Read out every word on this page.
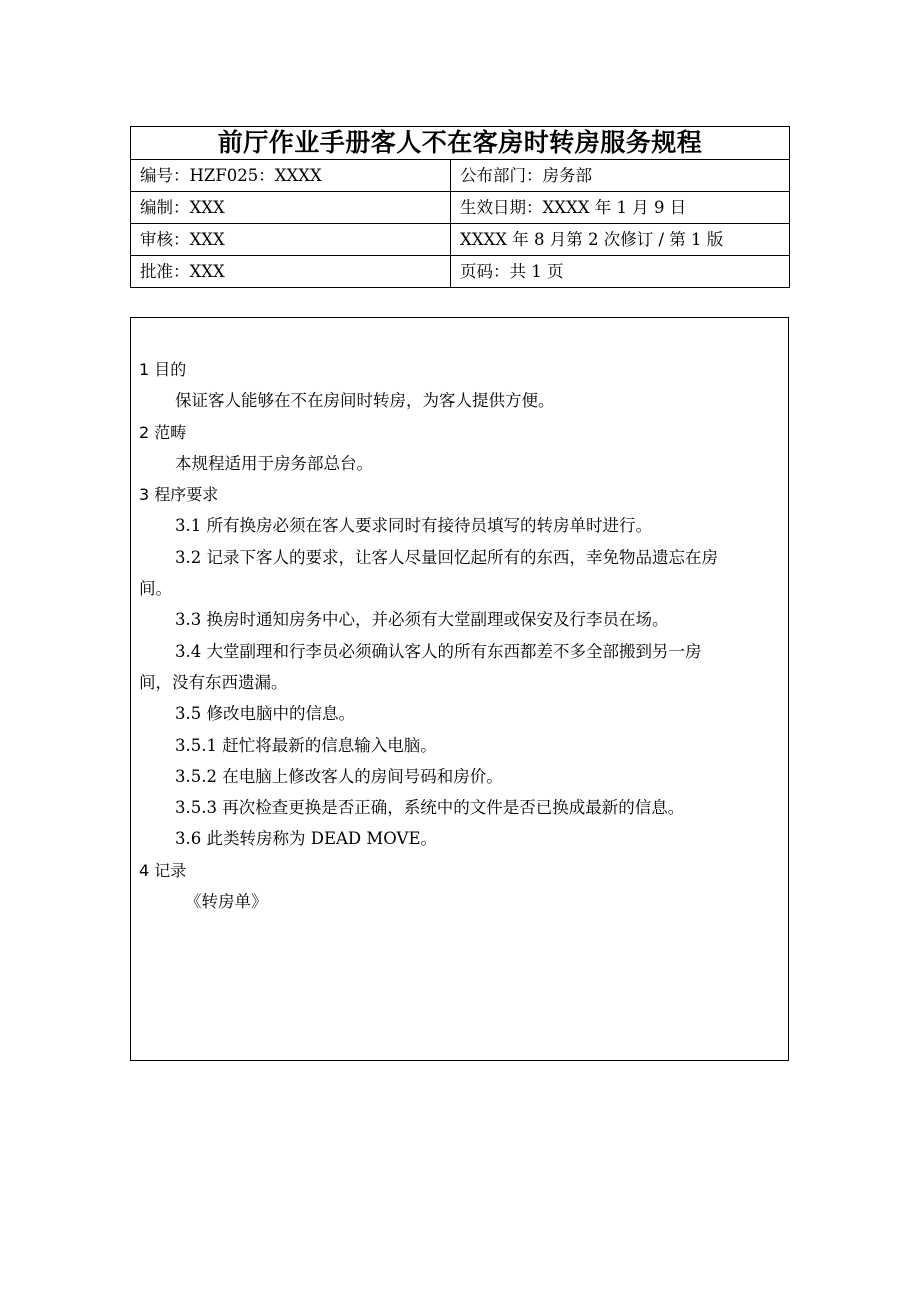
前厅作业手册客人不在客房时转房服务规程	
编号：HZF025：XXXX	公布部门：房务部
编制：XXX	生效日期：XXXX 年 1 月 9 日
审核：XXX	XXXX 年 8 月第 2 次修订 / 第 1 版
批准：XXX	页码：共 1 页
1 目的
保证客人能够在不在房间时转房，为客人提供方便。
2 范畴
本规程适用于房务部总台。
3 程序要求
3.1 所有换房必须在客人要求同时有接待员填写的转房单时进行。
3.2 记录下客人的要求，让客人尽量回忆起所有的东西，幸免物品遗忘在房
间。
3.3 换房时通知房务中心，并必须有大堂副理或保安及行李员在场。
3.4 大堂副理和行李员必须确认客人的所有东西都差不多全部搬到另一房
间，没有东西遗漏。
3.5 修改电脑中的信息。
3.5.1 赶忙将最新的信息输入电脑。
3.5.2 在电脑上修改客人的房间号码和房价。
3.5.3 再次检查更换是否正确，系统中的文件是否已换成最新的信息。
3.6 此类转房称为 DEAD MOVE。
4 记录
《转房单》
